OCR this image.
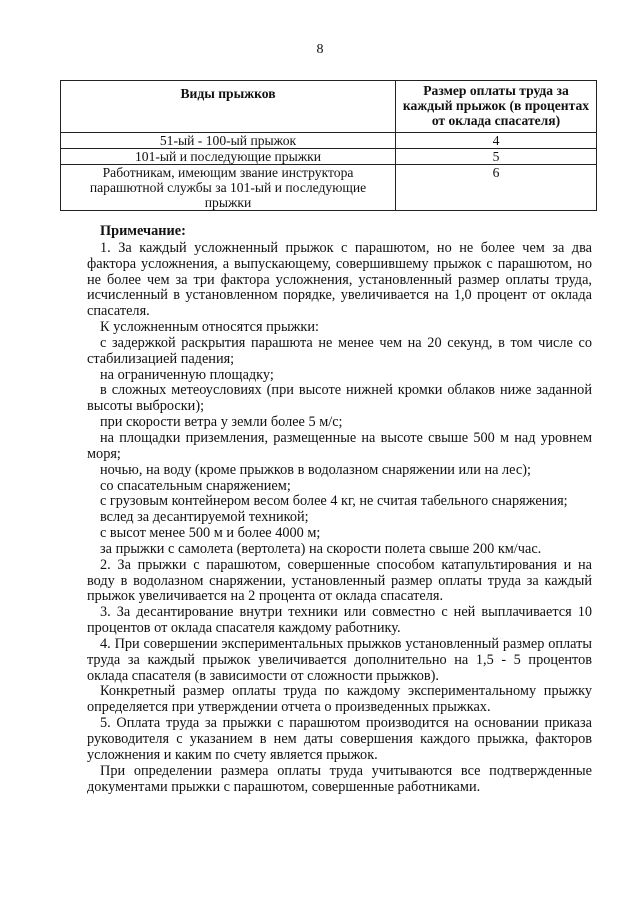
8
Виды прыжков	Размер оплаты труда за каждый прыжок (в процентах от оклада спасателя)
51-ый - 100-ый прыжок	4
101-ый и последующие прыжки	5
Работникам, имеющим звание инструктора парашютной службы за 101-ый и последующие прыжки	6

Примечание:

1. За каждый усложненный прыжок с парашютом, но не более чем за два фактора усложнения, а выпускающему, совершившему прыжок с парашютом, но не более чем за три фактора усложнения, установленный размер оплаты труда, исчисленный в установленном порядке, увеличивается на 1,0 процент от оклада спасателя.

К усложненным относятся прыжки:

с задержкой раскрытия парашюта не менее чем на 20 секунд, в том числе со стабилизацией падения;

на ограниченную площадку;

в сложных метеоусловиях (при высоте нижней кромки облаков ниже заданной высоты выброски);

при скорости ветра у земли более 5 м/с;

на площадки приземления, размещенные на высоте свыше 500 м над уровнем моря;

ночью, на воду (кроме прыжков в водолазном снаряжении или на лес);

со спасательным снаряжением;

с грузовым контейнером весом более 4 кг, не считая табельного снаряжения;

вслед за десантируемой техникой;

с высот менее 500 м и более 4000 м;

за прыжки с самолета (вертолета) на скорости полета свыше 200 км/час.

2. За прыжки с парашютом, совершенные способом катапультирования и на воду в водолазном снаряжении, установленный размер оплаты труда за каждый прыжок увеличивается на 2 процента от оклада спасателя.

3. За десантирование внутри техники или совместно с ней выплачивается 10 процентов от оклада спасателя каждому работнику.

4. При совершении экспериментальных прыжков установленный размер оплаты труда за каждый прыжок увеличивается дополнительно на 1,5 - 5 процентов оклада спасателя (в зависимости от сложности прыжков).

Конкретный размер оплаты труда по каждому экспериментальному прыжку определяется при утверждении отчета о произведенных прыжках.

5. Оплата труда за прыжки с парашютом производится на основании приказа руководителя с указанием в нем даты совершения каждого прыжка, факторов усложнения и каким по счету является прыжок.

При определении размера оплаты труда учитываются все подтвержденные документами прыжки с парашютом, совершенные работниками.
